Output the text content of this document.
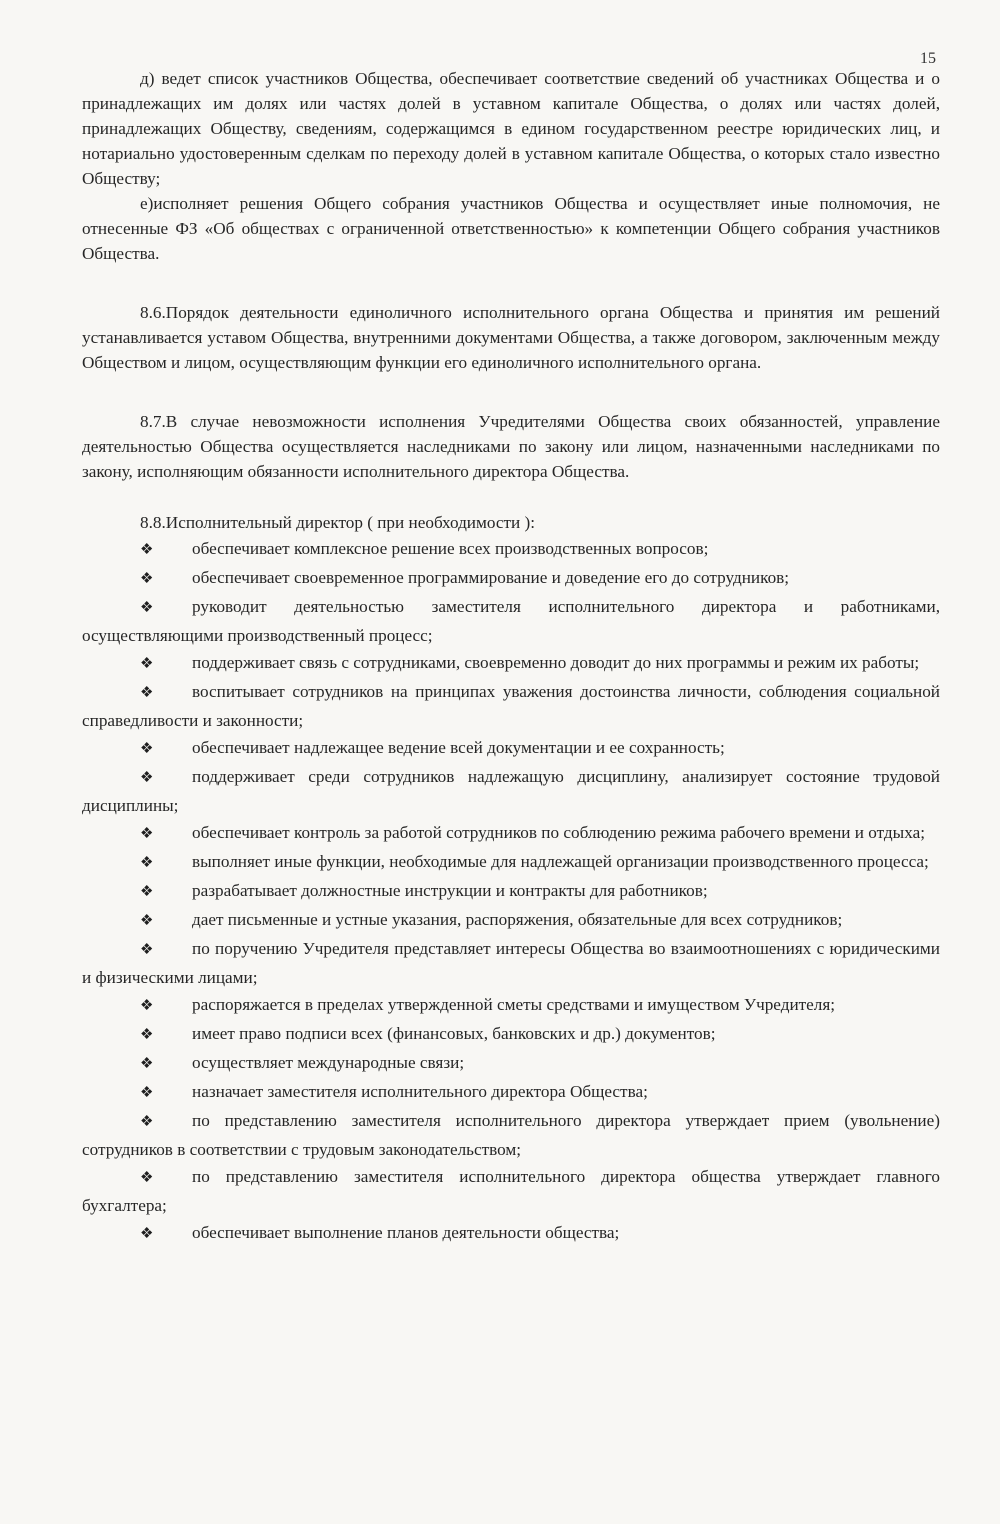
15

д) ведет список участников Общества, обеспечивает соответствие сведений об участниках Общества и о принадлежащих им долях или частях долей в уставном капитале Общества, о долях или частях долей, принадлежащих Обществу, сведениям, содержащимся в едином государственном реестре юридических лиц, и нотариально удостоверенным сделкам по переходу долей в уставном капитале Общества, о которых стало известно Обществу;

е)исполняет решения Общего собрания участников Общества и осуществляет иные полномочия, не отнесенные ФЗ «Об обществах с ограниченной ответственностью» к компетенции Общего собрания участников Общества.

8.6.Порядок деятельности единоличного исполнительного органа Общества и принятия им решений устанавливается уставом Общества, внутренними документами Общества, а также договором, заключенным между Обществом и лицом, осуществляющим функции его единоличного исполнительного органа.

8.7.В случае невозможности исполнения Учредителями Общества своих обязанностей, управление деятельностью Общества осуществляется наследниками по закону или лицом, назначенными наследниками по закону, исполняющим обязанности исполнительного директора Общества.

8.8.Исполнительный директор ( при необходимости ):

❖ обеспечивает комплексное решение всех производственных вопросов;
❖ обеспечивает своевременное программирование и доведение его до сотрудников;
❖ руководит деятельностью заместителя исполнительного директора и работниками, осуществляющими производственный процесс;
❖ поддерживает связь с сотрудниками, своевременно доводит до них программы и режим их работы;
❖ воспитывает сотрудников на принципах уважения достоинства личности, соблюдения социальной справедливости и законности;
❖ обеспечивает надлежащее ведение всей документации и ее сохранность;
❖ поддерживает среди сотрудников надлежащую дисциплину, анализирует состояние трудовой дисциплины;
❖ обеспечивает контроль за работой сотрудников по соблюдению режима рабочего времени и отдыха;
❖ выполняет иные функции, необходимые для надлежащей организации производственного процесса;
❖ разрабатывает должностные инструкции и контракты для работников;
❖ дает письменные и устные указания, распоряжения, обязательные для всех сотрудников;
❖ по поручению Учредителя представляет интересы Общества во взаимоотношениях с юридическими и физическими лицами;
❖ распоряжается в пределах утвержденной сметы средствами и имуществом Учредителя;
❖ имеет право подписи всех (финансовых, банковских и др.) документов;
❖ осуществляет международные связи;
❖ назначает заместителя исполнительного директора Общества;
❖ по представлению заместителя исполнительного директора утверждает прием (увольнение) сотрудников в соответствии с трудовым законодательством;
❖ по представлению заместителя исполнительного директора общества утверждает главного бухгалтера;
❖ обеспечивает выполнение планов деятельности общества;
